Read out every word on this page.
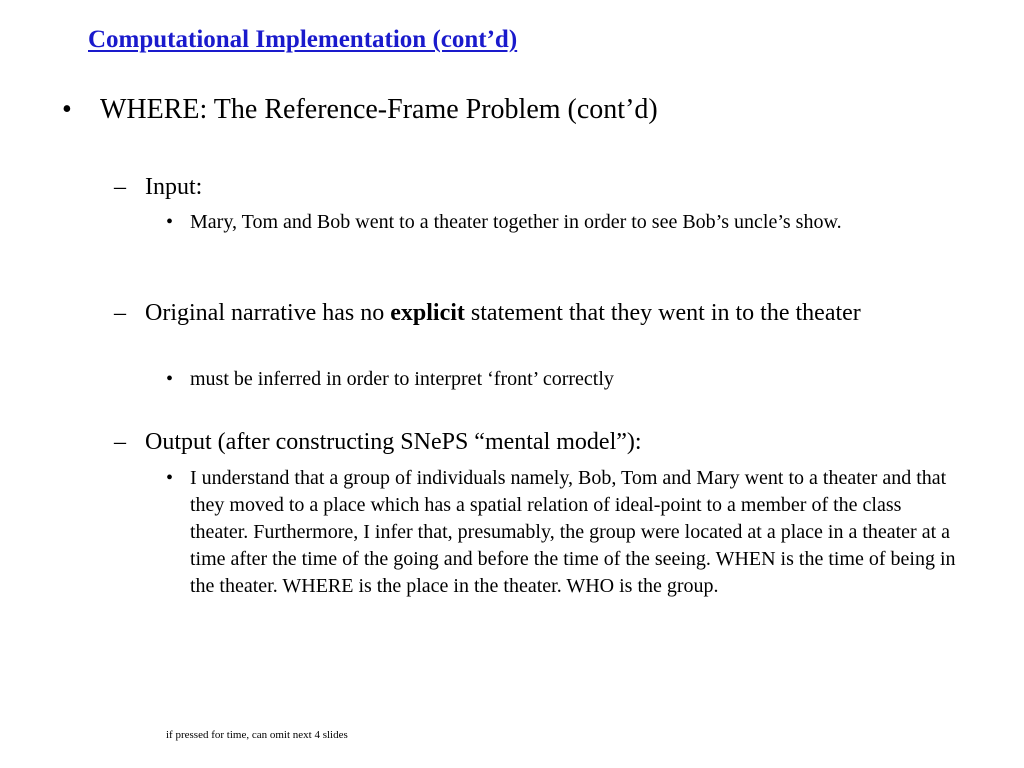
Computational Implementation (cont’d)
• WHERE: The Reference-Frame Problem (cont’d)
– Input:
• Mary, Tom and Bob went to a theater together in order to see Bob’s uncle’s show.
– Original narrative has no explicit statement that they went in to the theater
• must be inferred in order to interpret ‘front’ correctly
– Output (after constructing SNePS “mental model”):
• I understand that a group of individuals namely, Bob, Tom and Mary went to a theater and that they moved to a place which has a spatial relation of ideal-point to a member of the class theater. Furthermore, I infer that, presumably, the group were located at a place in a theater at a time after the time of the going and before the time of the seeing. WHEN is the time of being in the theater. WHERE is the place in the theater. WHO is the group.
if pressed for time, can omit next 4 slides
